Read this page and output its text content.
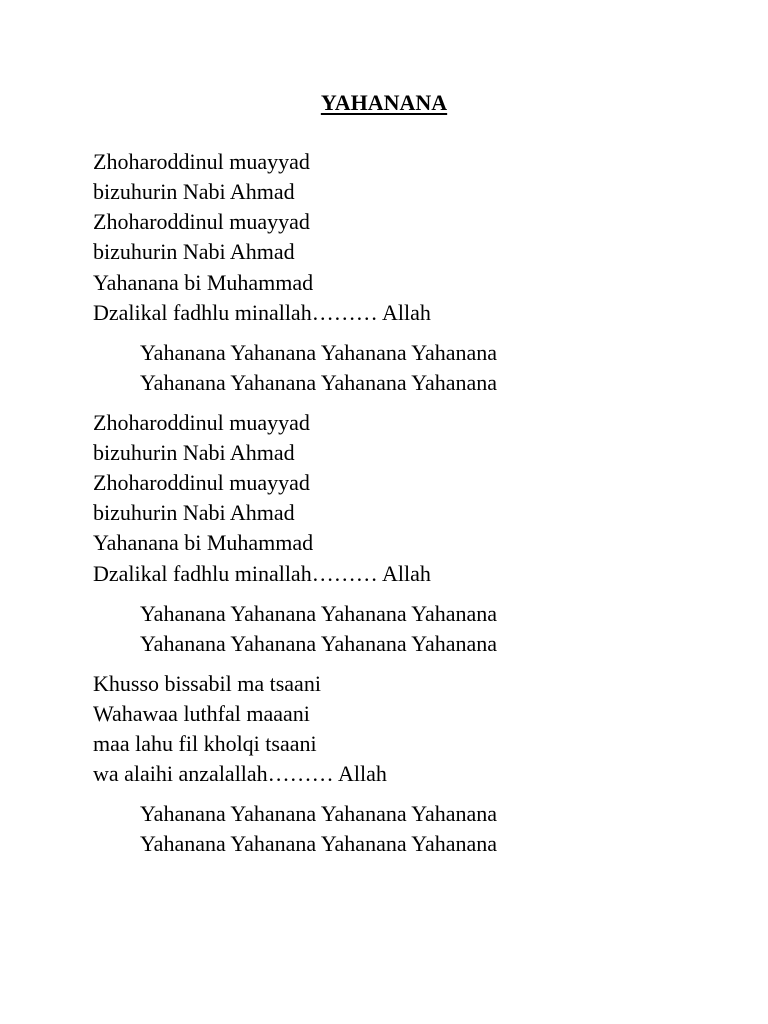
YAHANANA

Zhoharoddinul muayyad

bizuhurin Nabi Ahmad

Zhoharoddinul muayyad

bizuhurin Nabi Ahmad

Yahanana bi Muhammad

Dzalikal fadhlu minallah……… Allah

Yahanana Yahanana Yahanana Yahanana

Yahanana Yahanana Yahanana Yahanana

Zhoharoddinul muayyad

bizuhurin Nabi Ahmad

Zhoharoddinul muayyad

bizuhurin Nabi Ahmad

Yahanana bi Muhammad

Dzalikal fadhlu minallah……… Allah

Yahanana Yahanana Yahanana Yahanana

Yahanana Yahanana Yahanana Yahanana

Khusso bissabil ma tsaani

Wahawaa luthfal maaani

maa lahu fil kholqi tsaani

wa alaihi anzalallah……… Allah

Yahanana Yahanana Yahanana Yahanana

Yahanana Yahanana Yahanana Yahanana
